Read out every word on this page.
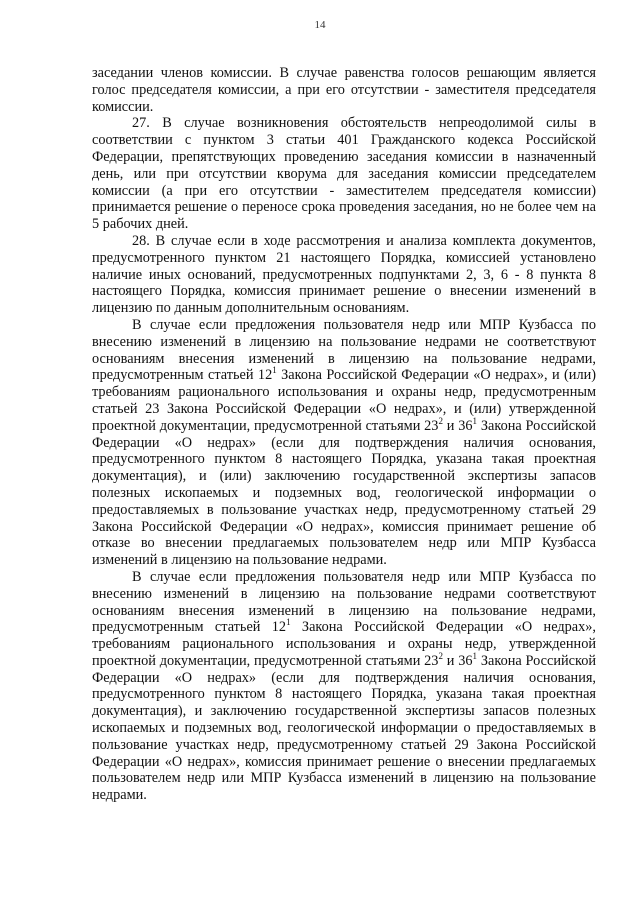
14

заседании членов комиссии. В случае равенства голосов решающим является голос председателя комиссии, а при его отсутствии - заместителя председателя комиссии.

27. В случае возникновения обстоятельств непреодолимой силы в соответствии с пунктом 3 статьи 401 Гражданского кодекса Российской Федерации, препятствующих проведению заседания комиссии в назначенный день, или при отсутствии кворума для заседания комиссии председателем комиссии (а при его отсутствии - заместителем председателя комиссии) принимается решение о переносе срока проведения заседания, но не более чем на 5 рабочих дней.

28. В случае если в ходе рассмотрения и анализа комплекта документов, предусмотренного пунктом 21 настоящего Порядка, комиссией установлено наличие иных оснований, предусмотренных подпунктами 2, 3, 6 - 8 пункта 8 настоящего Порядка, комиссия принимает решение о внесении изменений в лицензию по данным дополнительным основаниям.

В случае если предложения пользователя недр или МПР Кузбасса по внесению изменений в лицензию на пользование недрами не соответствуют основаниям внесения изменений в лицензию на пользование недрами, предусмотренным статьей $12^1$ Закона Российской Федерации «О недрах», и (или) требованиям рационального использования и охраны недр, предусмотренным статьей 23 Закона Российской Федерации «О недрах», и (или) утвержденной проектной документации, предусмотренной статьями $23^2$ и $36^1$ Закона Российской Федерации «О недрах» (если для подтверждения наличия основания, предусмотренного пунктом 8 настоящего Порядка, указана такая проектная документация), и (или) заключению государственной экспертизы запасов полезных ископаемых и подземных вод, геологической информации о предоставляемых в пользование участках недр, предусмотренному статьей 29 Закона Российской Федерации «О недрах», комиссия принимает решение об отказе во внесении предлагаемых пользователем недр или МПР Кузбасса изменений в лицензию на пользование недрами.

В случае если предложения пользователя недр или МПР Кузбасса по внесению изменений в лицензию на пользование недрами соответствуют основаниям внесения изменений в лицензию на пользование недрами, предусмотренным статьей $12^1$ Закона Российской Федерации «О недрах», требованиям рационального использования и охраны недр, утвержденной проектной документации, предусмотренной статьями $23^2$ и $36^1$ Закона Российской Федерации «О недрах» (если для подтверждения наличия основания, предусмотренного пунктом 8 настоящего Порядка, указана такая проектная документация), и заключению государственной экспертизы запасов полезных ископаемых и подземных вод, геологической информации о предоставляемых в пользование участках недр, предусмотренному статьей 29 Закона Российской Федерации «О недрах», комиссия принимает решение о внесении предлагаемых пользователем недр или МПР Кузбасса изменений в лицензию на пользование недрами.
